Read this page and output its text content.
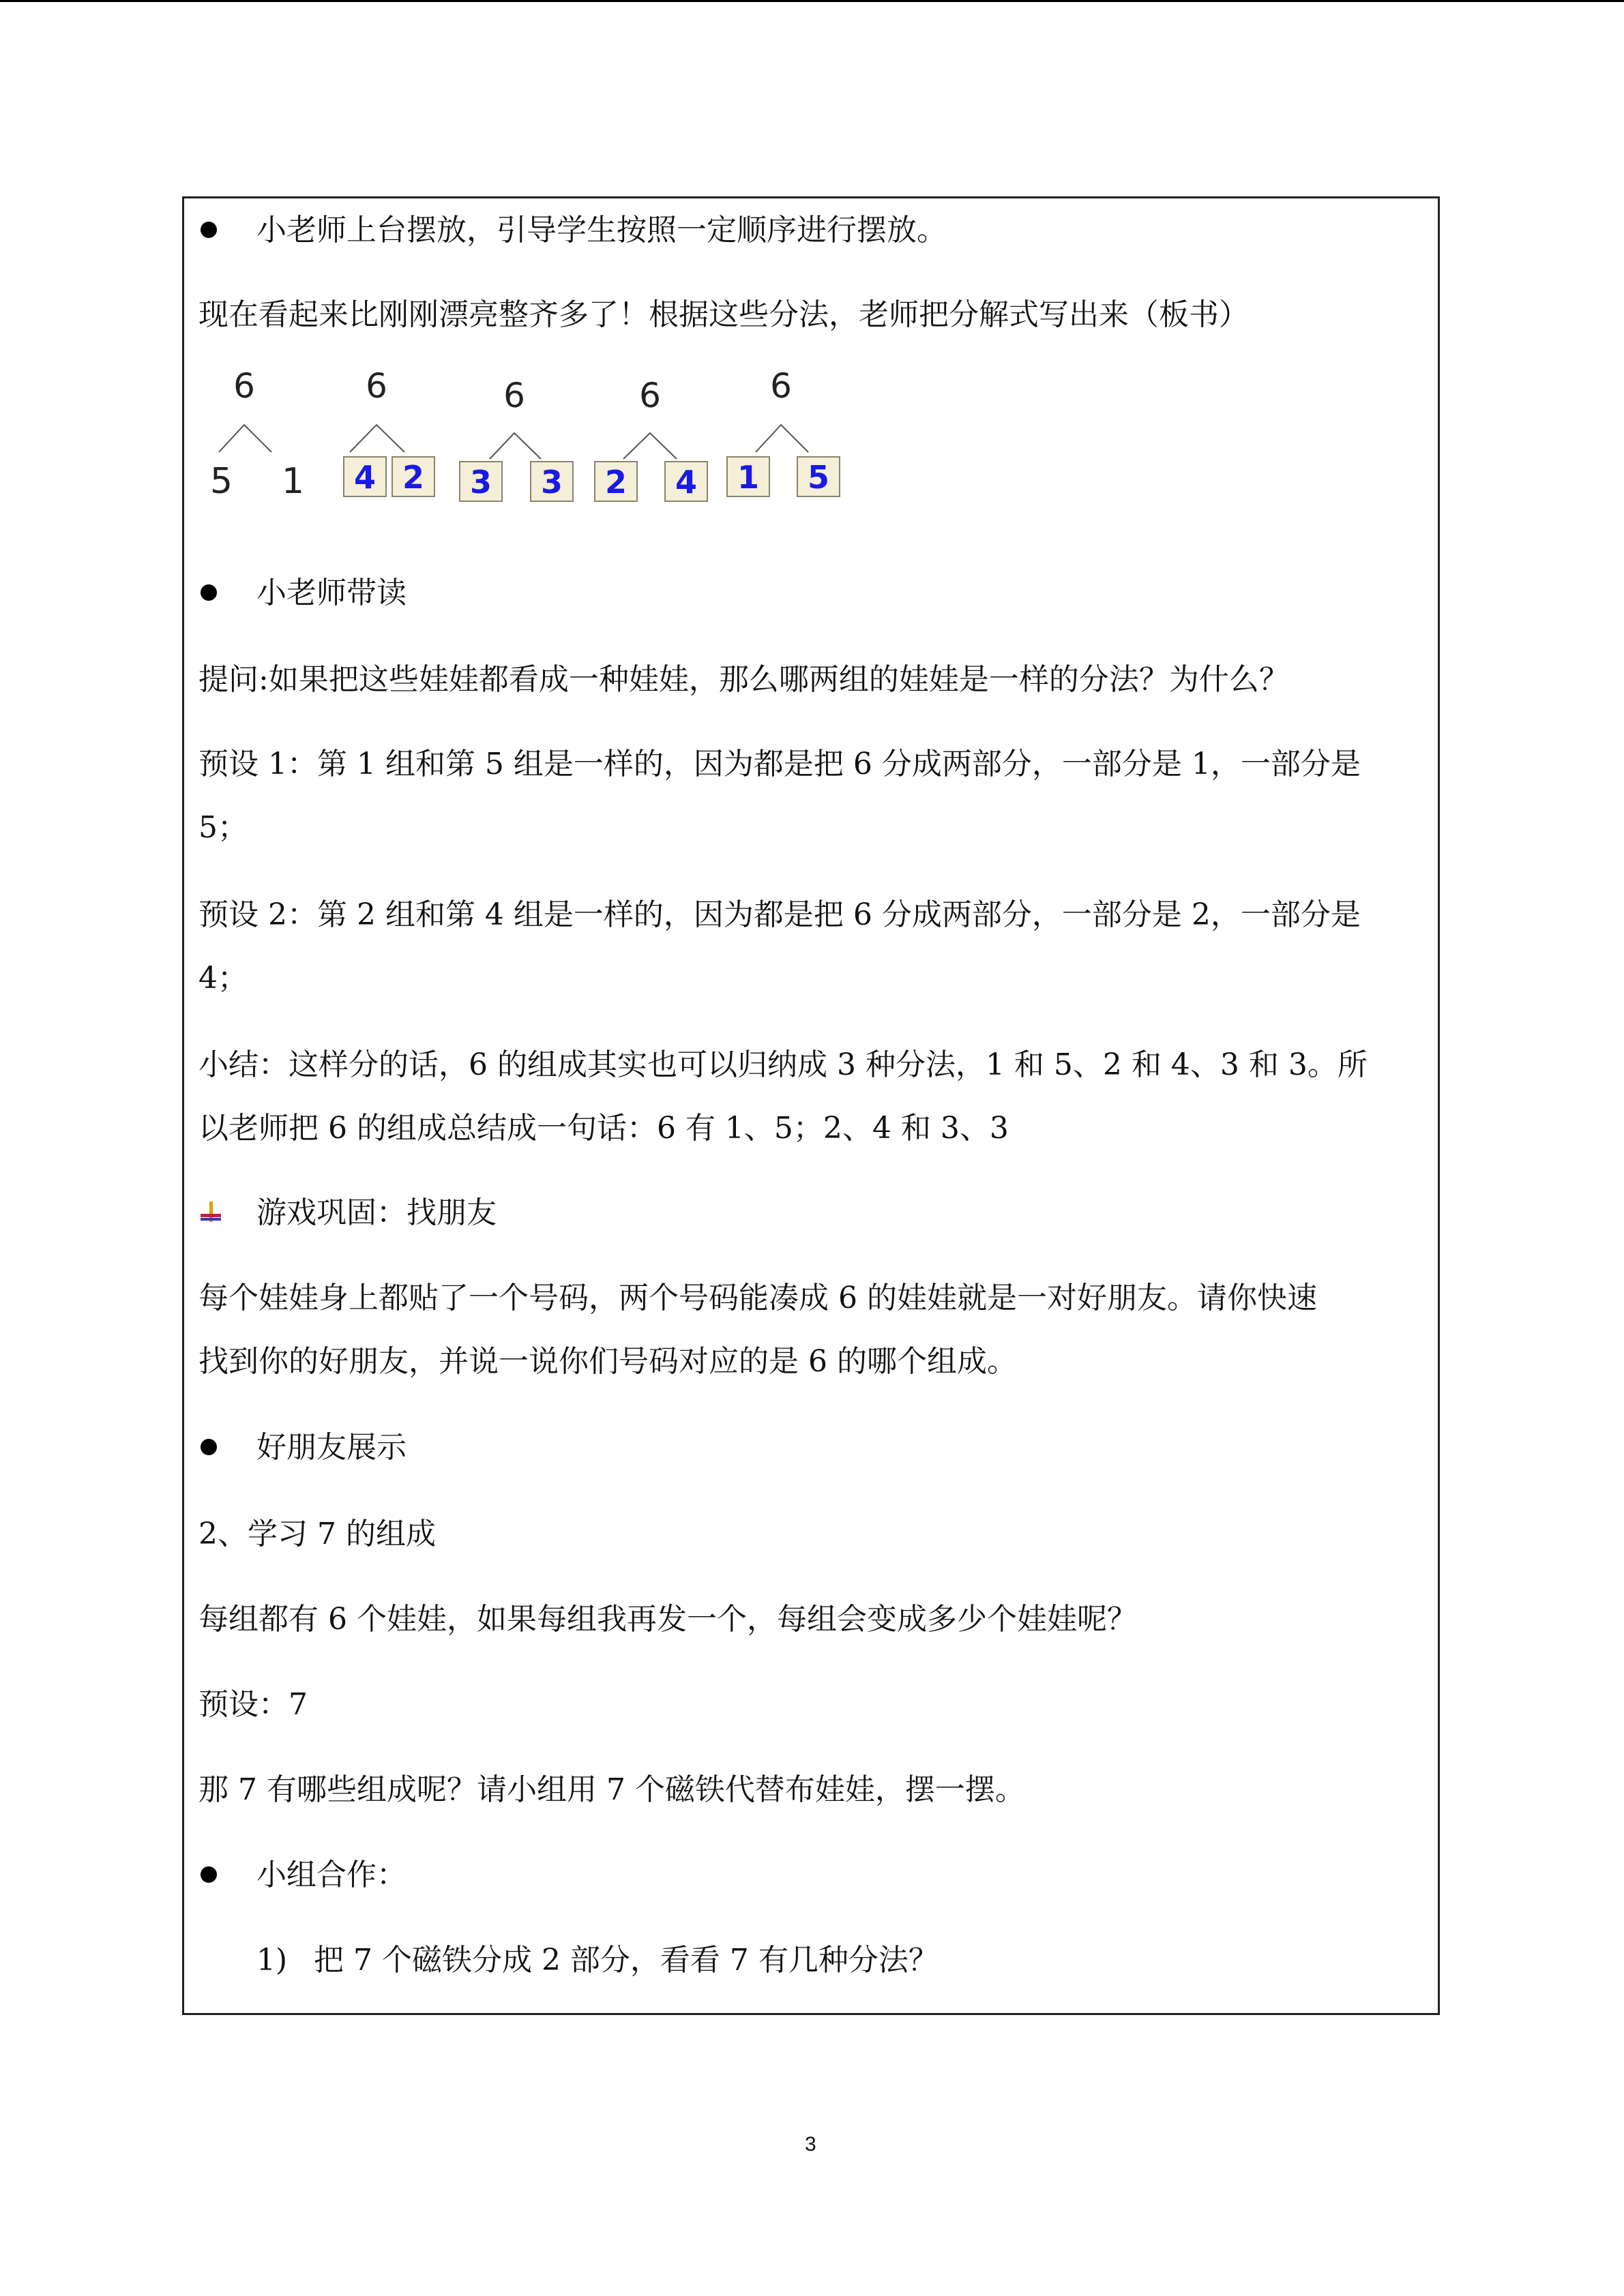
小老师上台摆放，引导学生按照一定顺序进行摆放。
现在看起来比刚刚漂亮整齐多了！根据这些分法，老师把分解式写出来（板书）
6
5 1
6
4 2
6
3 3
6
2 4
6
1 5
小老师带读
提问:如果把这些娃娃都看成一种娃娃，那么哪两组的娃娃是一样的分法？为什么？
预设 1：第 1 组和第 5 组是一样的，因为都是把 6 分成两部分，一部分是 1，一部分是
5；
预设 2：第 2 组和第 4 组是一样的，因为都是把 6 分成两部分，一部分是 2，一部分是
4；
小结：这样分的话，6 的组成其实也可以归纳成 3 种分法，1 和 5、2 和 4、3 和 3。所
以老师把 6 的组成总结成一句话：6 有 1、5；2、4 和 3、3
游戏巩固：找朋友
每个娃娃身上都贴了一个号码，两个号码能凑成 6 的娃娃就是一对好朋友。请你快速
找到你的好朋友，并说一说你们号码对应的是 6 的哪个组成。
好朋友展示
2、学习 7 的组成
每组都有 6 个娃娃，如果每组我再发一个，每组会变成多少个娃娃呢？
预设：7
那 7 有哪些组成呢？请小组用 7 个磁铁代替布娃娃，摆一摆。
小组合作：
1) 把 7 个磁铁分成 2 部分，看看 7 有几种分法？
3
